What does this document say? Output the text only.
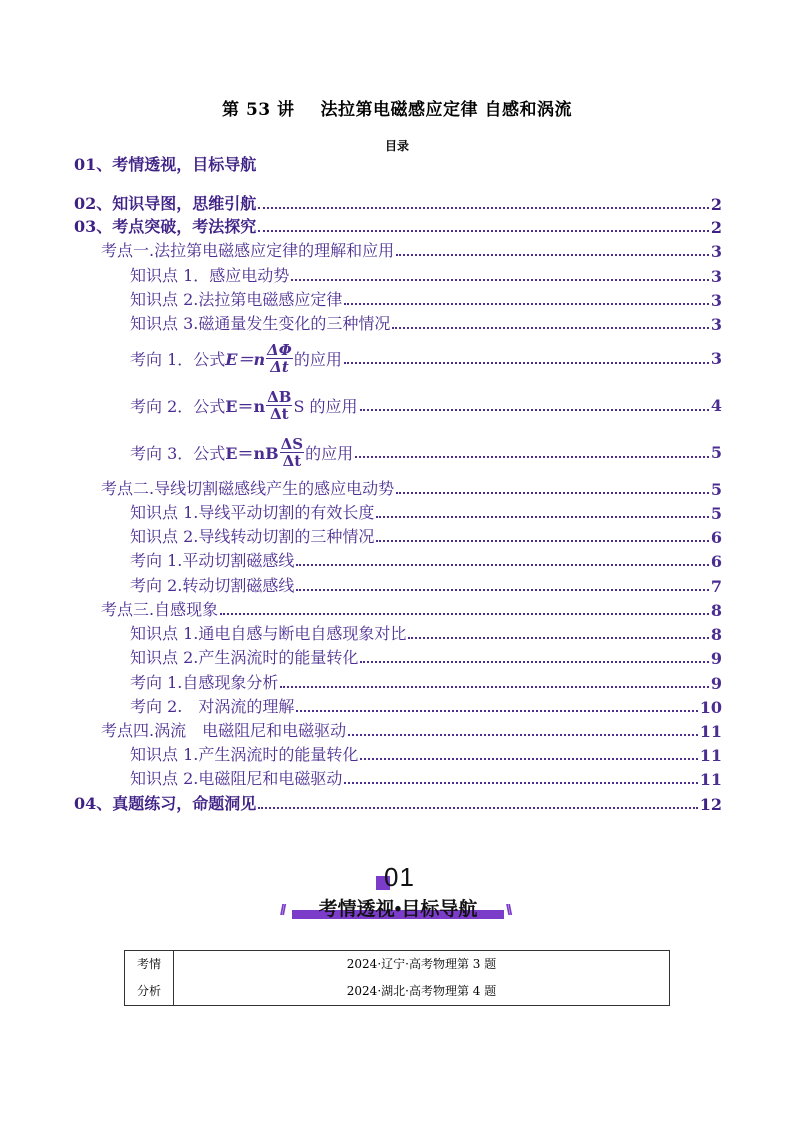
第 53 讲 法拉第电磁感应定律 自感和涡流
目录
01、考情透视，目标导航
02、知识导图，思维引航	2
03、考点突破，考法探究	2
考点一.法拉第电磁感应定律的理解和应用	3
知识点 1．感应电动势	3
知识点 2.法拉第电磁感应定律	3
知识点 3.磁通量发生变化的三种情况	3
考向 1．公式 $E=n \frac{\Delta\Phi}{\Delta t}$ 的应用	3
考向 2．公式 $E=n \frac{\Delta B}{\Delta t}$ S 的应用	4
考向 3．公式 $E=nB \frac{\Delta S}{\Delta t}$ 的应用	5
考点二.导线切割磁感线产生的感应电动势	5
知识点 1.导线平动切割的有效长度	5
知识点 2.导线转动切割的三种情况	6
考向 1.平动切割磁感线	6
考向 2.转动切割磁感线	7
考点三.自感现象	8
知识点 1.通电自感与断电自感现象对比	8
知识点 2.产生涡流时的能量转化	9
考向 1.自感现象分析	9
考向 2.　对涡流的理解	10
考点四.涡流　电磁阻尼和电磁驱动	11
知识点 1.产生涡流时的能量转化	11
知识点 2.电磁阻尼和电磁驱动	11
04、真题练习，命题洞见	12
01
//	\\
考情透视•目标导航
考情
分析

2024·辽宁·高考物理第 3 题
2024·湖北·高考物理第 4 题
